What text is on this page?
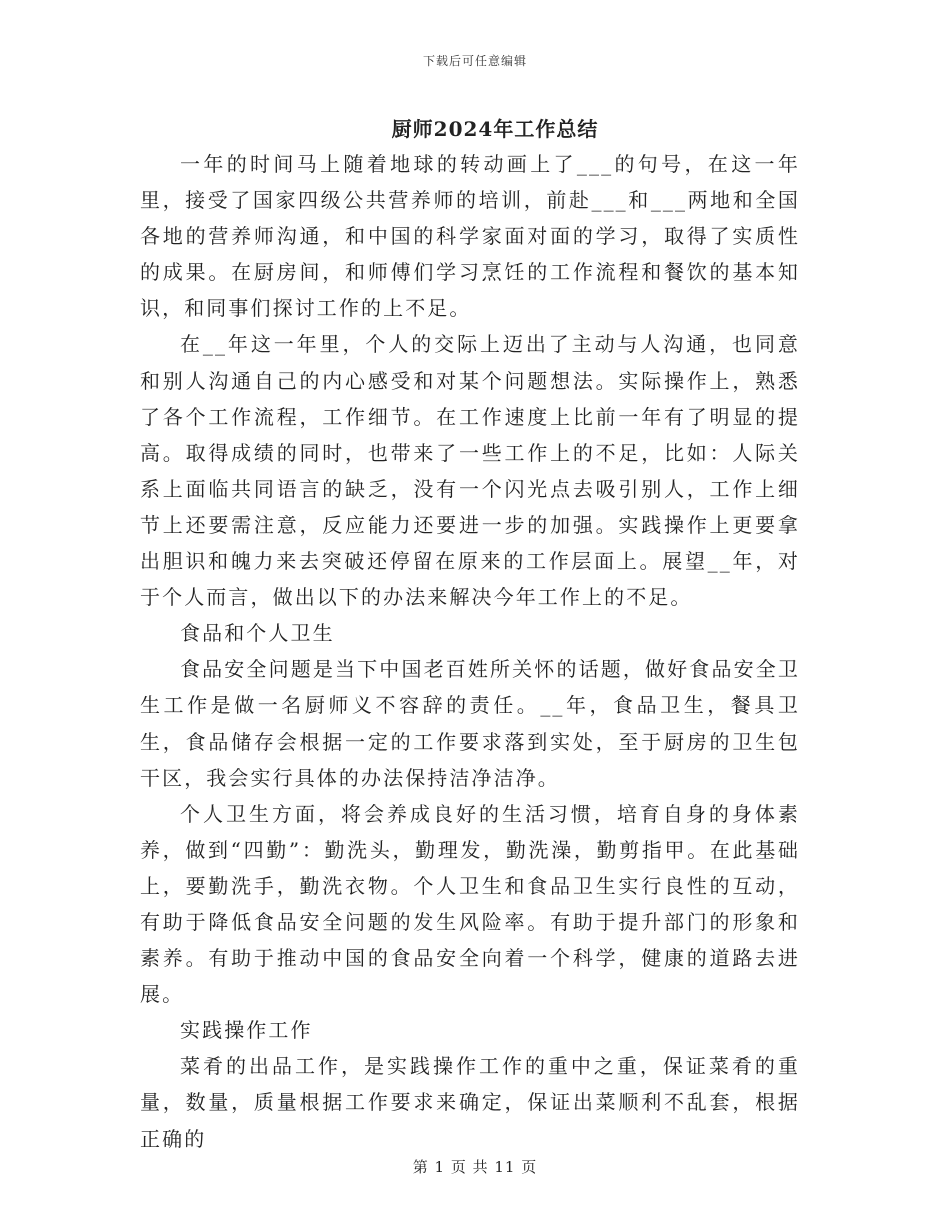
下载后可任意编辑
厨师2024年工作总结

一年的时间马上随着地球的转动画上了___的句号，在这一年里，接受了国家四级公共营养师的培训，前赴___和___两地和全国各地的营养师沟通，和中国的科学家面对面的学习，取得了实质性的成果。在厨房间，和师傅们学习烹饪的工作流程和餐饮的基本知识，和同事们探讨工作的上不足。

在__年这一年里，个人的交际上迈出了主动与人沟通，也同意和别人沟通自己的内心感受和对某个问题想法。实际操作上，熟悉了各个工作流程，工作细节。在工作速度上比前一年有了明显的提高。取得成绩的同时，也带来了一些工作上的不足，比如：人际关系上面临共同语言的缺乏，没有一个闪光点去吸引别人，工作上细节上还要需注意，反应能力还要进一步的加强。实践操作上更要拿出胆识和魄力来去突破还停留在原来的工作层面上。展望__年，对于个人而言，做出以下的办法来解决今年工作上的不足。

食品和个人卫生

食品安全问题是当下中国老百姓所关怀的话题，做好食品安全卫生工作是做一名厨师义不容辞的责任。__年，食品卫生，餐具卫生，食品储存会根据一定的工作要求落到实处，至于厨房的卫生包干区，我会实行具体的办法保持洁净洁净。

个人卫生方面，将会养成良好的生活习惯，培育自身的身体素养，做到“四勤”：勤洗头，勤理发，勤洗澡，勤剪指甲。在此基础上，要勤洗手，勤洗衣物。个人卫生和食品卫生实行良性的互动，有助于降低食品安全问题的发生风险率。有助于提升部门的形象和素养。有助于推动中国的食品安全向着一个科学，健康的道路去进展。

实践操作工作

菜肴的出品工作，是实践操作工作的重中之重，保证菜肴的重量，数量，质量根据工作要求来确定，保证出菜顺利不乱套，根据正确的

第 1 页 共 11 页
